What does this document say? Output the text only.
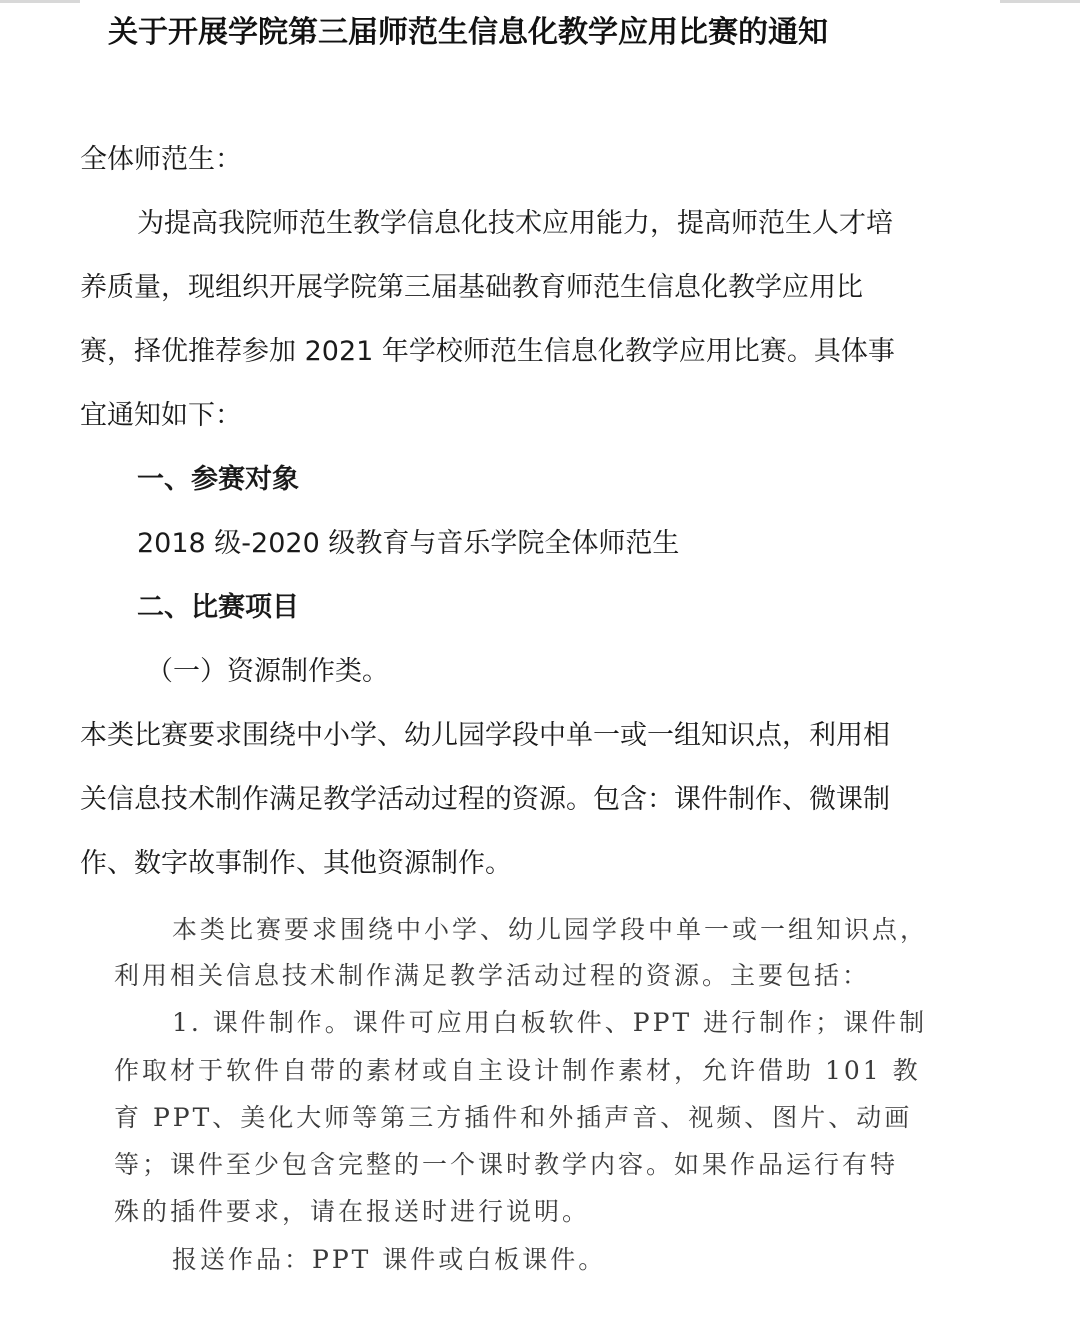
关于开展学院第三届师范生信息化教学应用比赛的通知
全体师范生：
为提高我院师范生教学信息化技术应用能力，提高师范生人才培
养质量，现组织开展学院第三届基础教育师范生信息化教学应用比
赛，择优推荐参加 2021 年学校师范生信息化教学应用比赛。具体事
宜通知如下：
一、参赛对象
2018 级-2020 级教育与音乐学院全体师范生
二、比赛项目
（一）资源制作类。
本类比赛要求围绕中小学、幼儿园学段中单一或一组知识点，利用相
关信息技术制作满足教学活动过程的资源。包含：课件制作、微课制
作、数字故事制作、其他资源制作。
本类比赛要求围绕中小学、幼儿园学段中单一或一组知识点，
利用相关信息技术制作满足教学活动过程的资源。主要包括：
1. 课件制作。课件可应用白板软件、PPT 进行制作；课件制
作取材于软件自带的素材或自主设计制作素材，允许借助 101 教
育 PPT、美化大师等第三方插件和外插声音、视频、图片、动画
等；课件至少包含完整的一个课时教学内容。如果作品运行有特
殊的插件要求，请在报送时进行说明。
报送作品：PPT 课件或白板课件。
